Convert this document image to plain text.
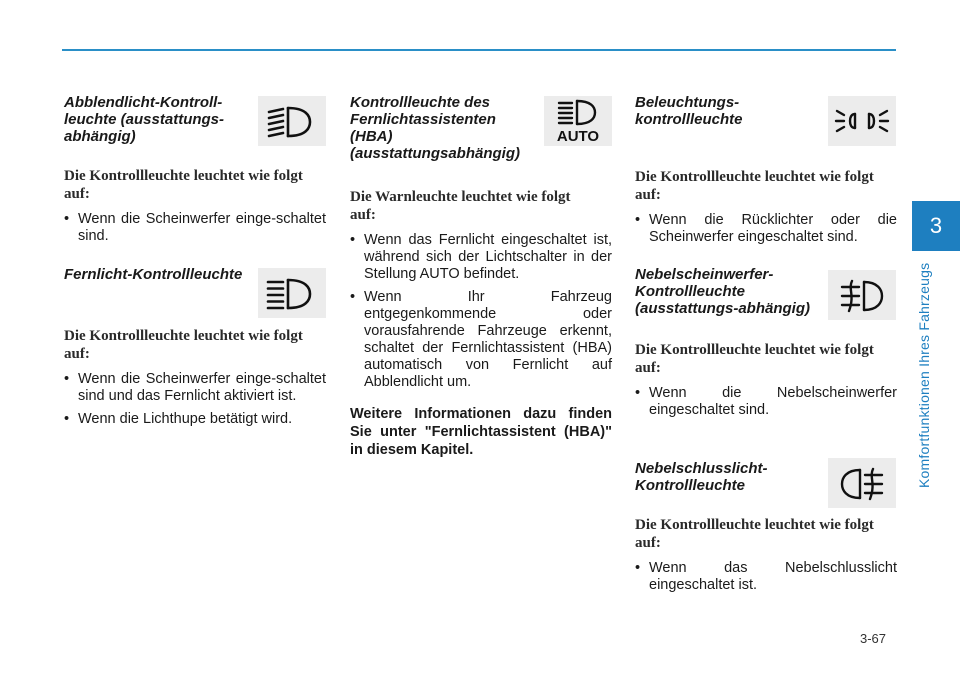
3
Komfortfunktionen Ihres Fahrzeugs
Abblendlicht-Kontroll-leuchte (ausstattungs-abhängig)
Die Kontrollleuchte leuchtet wie folgt auf:
• Wenn die Scheinwerfer einge-schaltet sind.
Fernlicht-Kontrollleuchte
Die Kontrollleuchte leuchtet wie folgt auf:
• Wenn die Scheinwerfer einge-schaltet sind und das Fernlicht aktiviert ist.
• Wenn die Lichthupe betätigt wird.
Kontrollleuchte des Fernlichtassistenten (HBA) (ausstattungsabhängig)
Die Warnleuchte leuchtet wie folgt auf:
• Wenn das Fernlicht eingeschaltet ist, während sich der Lichtschalter in der Stellung AUTO befindet.
• Wenn Ihr Fahrzeug entgegenkommende oder vorausfahrende Fahrzeuge erkennt, schaltet der Fernlichtassistent (HBA) automatisch von Fernlicht auf Abblendlicht um.
Weitere Informationen dazu finden Sie unter "Fernlichtassistent (HBA)" in diesem Kapitel.
AUTO
Beleuchtungs-kontrollleuchte
Die Kontrollleuchte leuchtet wie folgt auf:
• Wenn die Rücklichter oder die Scheinwerfer eingeschaltet sind.
Nebelscheinwerfer-Kontrollleuchte (ausstattungs-abhängig)
Die Kontrollleuchte leuchtet wie folgt auf:
• Wenn die Nebelscheinwerfer eingeschaltet sind.
Nebelschlusslicht-Kontrollleuchte
Die Kontrollleuchte leuchtet wie folgt auf:
• Wenn das Nebelschlusslicht eingeschaltet ist.
3-67
